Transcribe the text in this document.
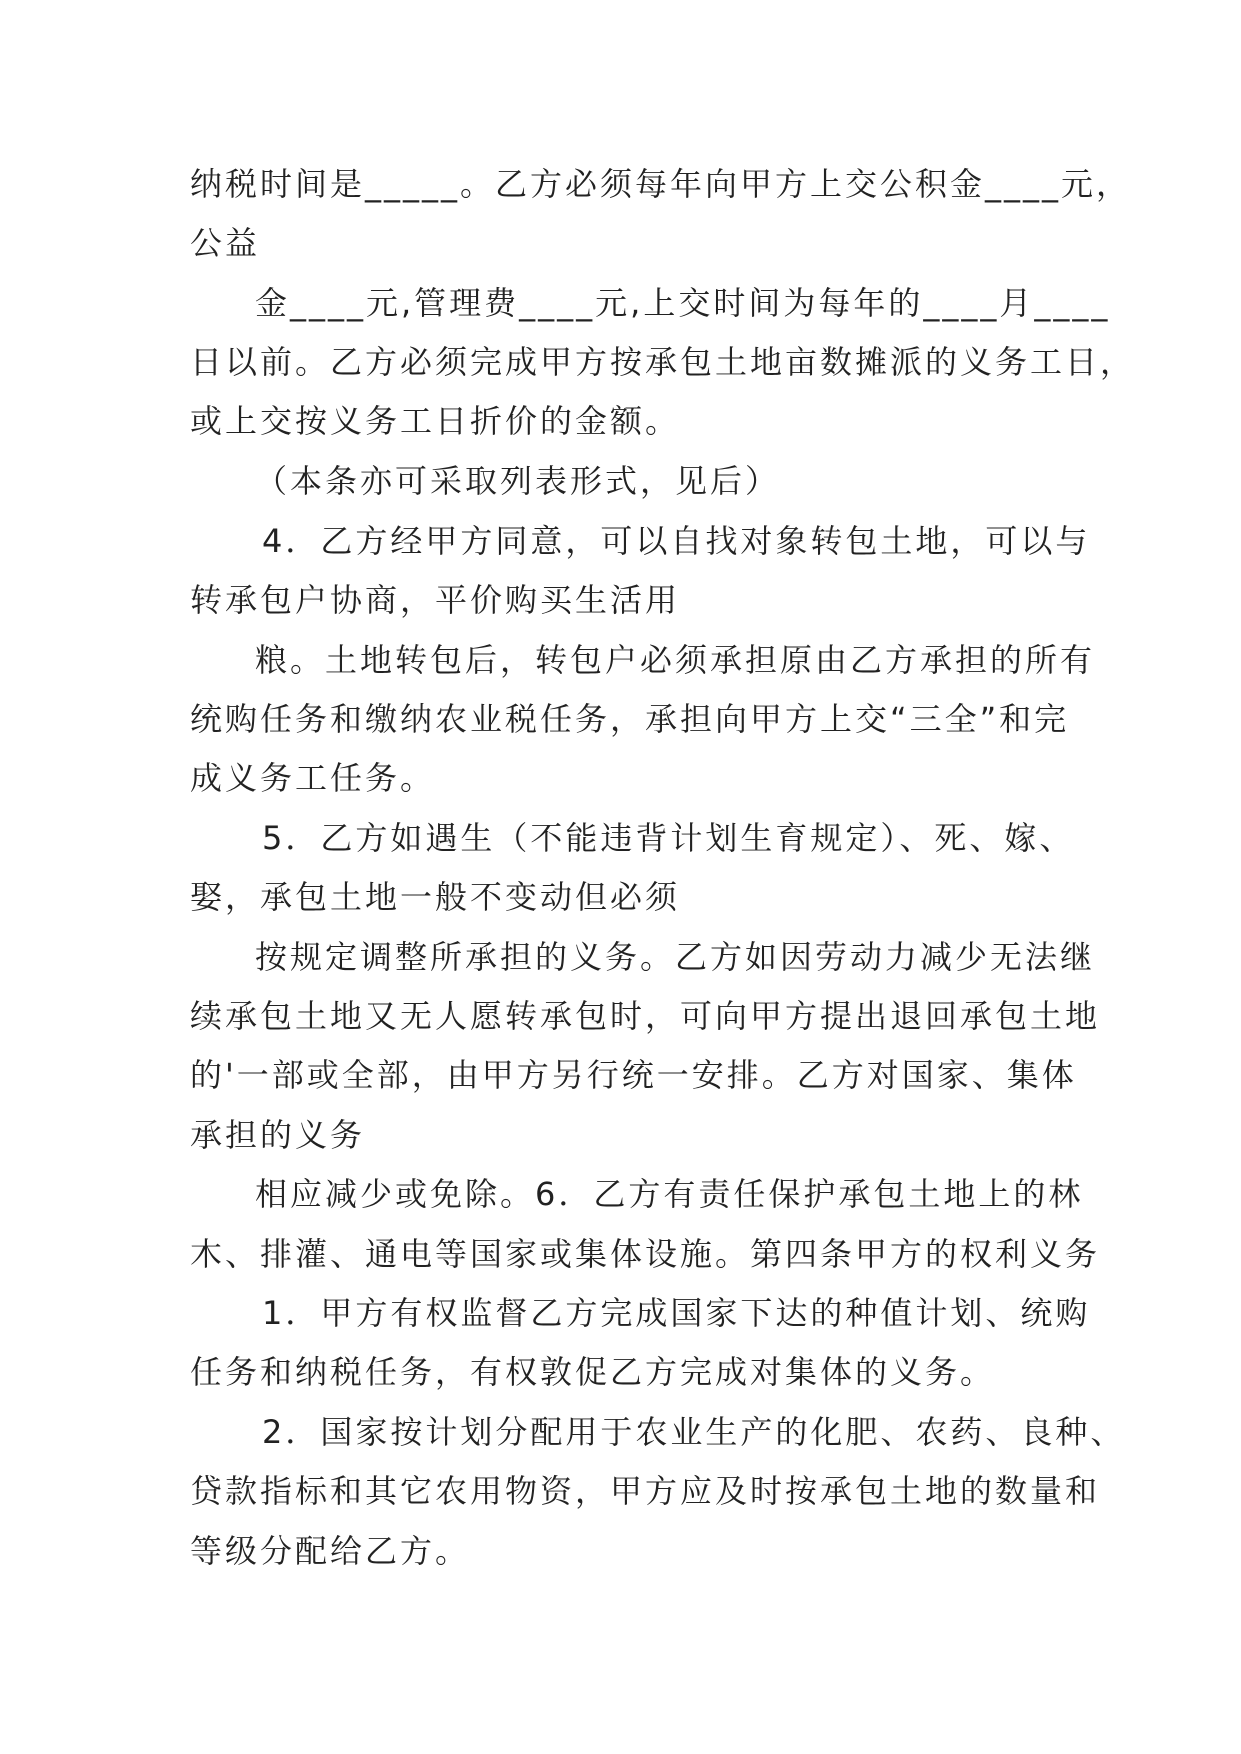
纳税时间是_____。乙方必须每年向甲方上交公积金____元，
公益
金____元,管理费____元,上交时间为每年的____月____
日以前。乙方必须完成甲方按承包土地亩数摊派的义务工日，
或上交按义务工日折价的金额。
（本条亦可采取列表形式，见后）
4．乙方经甲方同意，可以自找对象转包土地，可以与
转承包户协商，平价购买生活用
粮。土地转包后，转包户必须承担原由乙方承担的所有
统购任务和缴纳农业税任务，承担向甲方上交“三全”和完
成义务工任务。
5．乙方如遇生（不能违背计划生育规定）、死、嫁、
娶，承包土地一般不变动但必须
按规定调整所承担的义务。乙方如因劳动力减少无法继
续承包土地又无人愿转承包时，可向甲方提出退回承包土地
的'一部或全部，由甲方另行统一安排。乙方对国家、集体
承担的义务
相应减少或免除。6．乙方有责任保护承包土地上的林
木、排灌、通电等国家或集体设施。第四条甲方的权利义务
1．甲方有权监督乙方完成国家下达的种值计划、统购
任务和纳税任务，有权敦促乙方完成对集体的义务。
2．国家按计划分配用于农业生产的化肥、农药、良种、
贷款指标和其它农用物资，甲方应及时按承包土地的数量和
等级分配给乙方。
